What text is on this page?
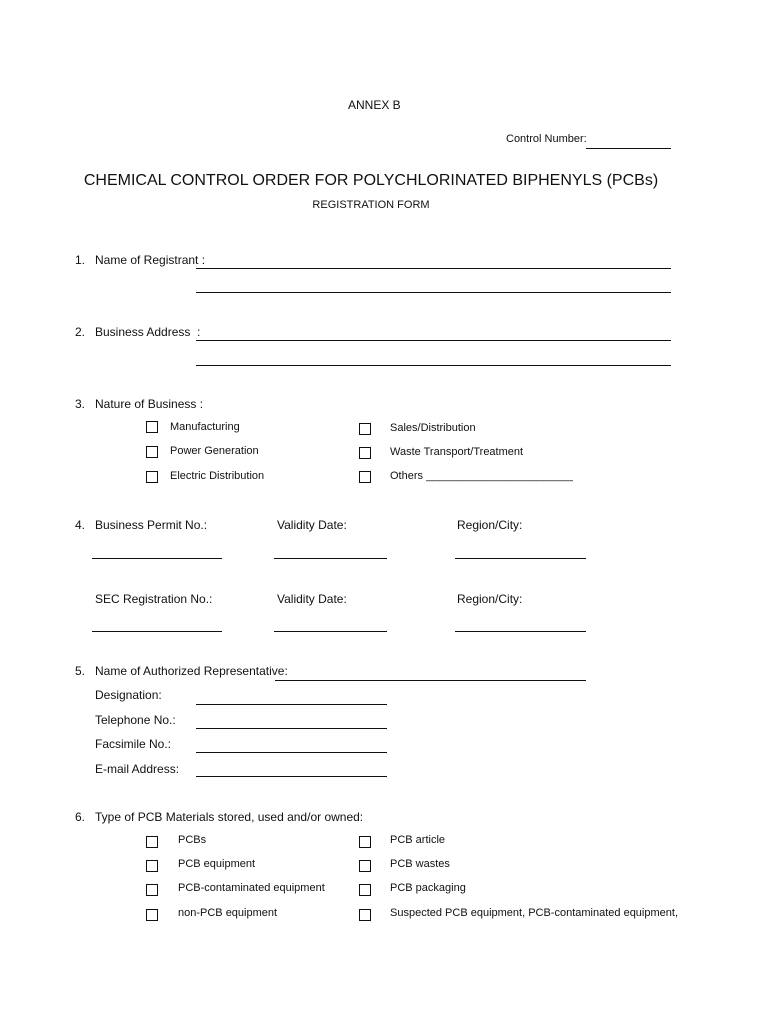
ANNEX B
Control Number:
CHEMICAL CONTROL ORDER FOR POLYCHLORINATED BIPHENYLS (PCBs)
REGISTRATION FORM
1. Name of Registrant :
2. Business Address  :
3. Nature of Business :
Manufacturing
Power Generation
Electric Distribution
Sales/Distribution
Waste Transport/Treatment
Others ________________________
4. Business Permit No.:	Validity Date:	Region/City:
SEC Registration No.:	Validity Date:	Region/City:
5. Name of Authorized Representative:
Designation:
Telephone No.:
Facsimile No.:
E-mail Address:
6. Type of PCB Materials stored, used and/or owned:
PCBs
PCB equipment
PCB-contaminated equipment
non-PCB equipment
PCB article
PCB wastes
PCB packaging
Suspected PCB equipment, PCB-contaminated equipment,
